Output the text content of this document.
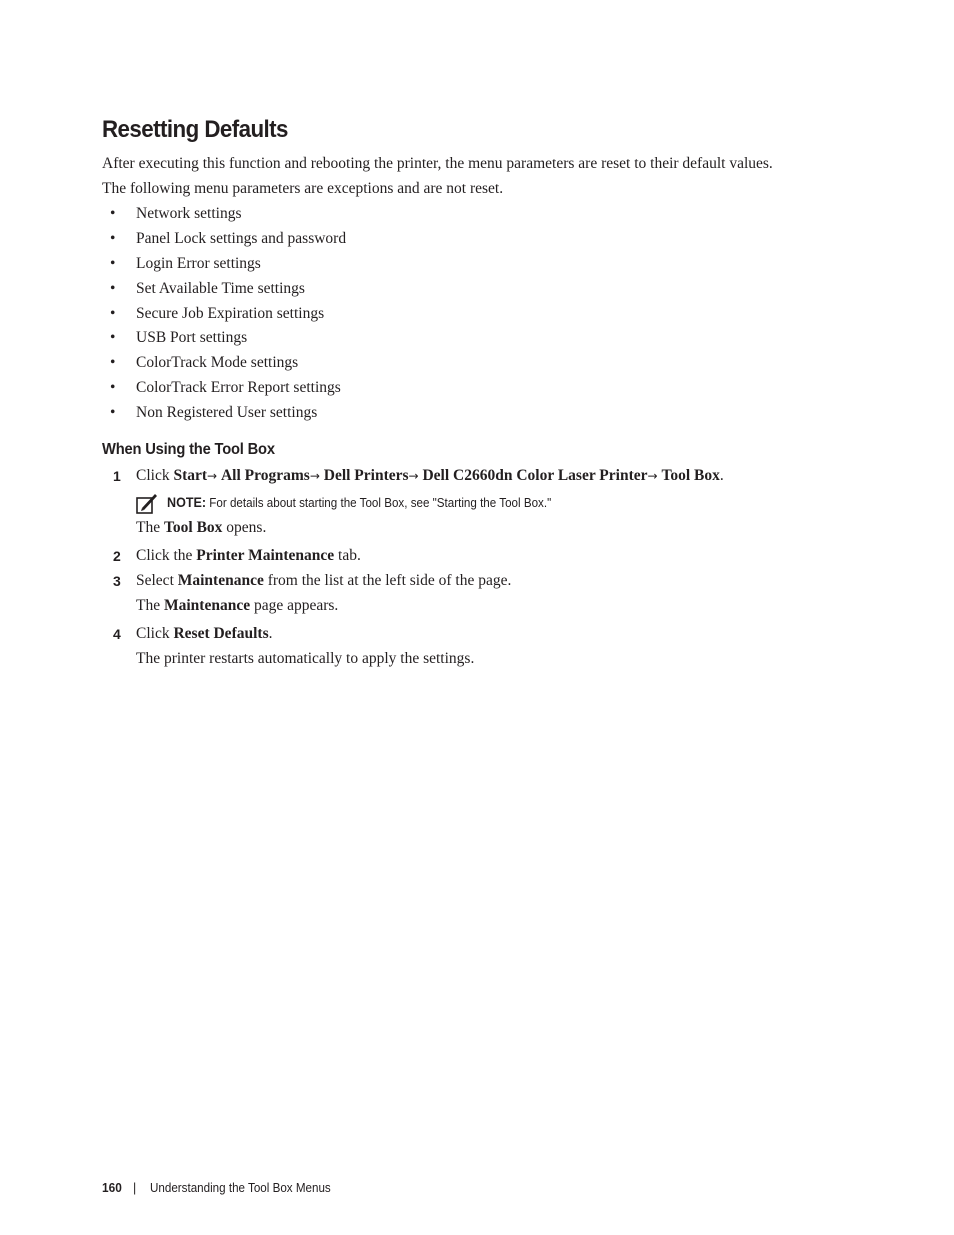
Resetting Defaults

After executing this function and rebooting the printer, the menu parameters are reset to their default values.

The following menu parameters are exceptions and are not reset.

• Network settings
• Panel Lock settings and password
• Login Error settings
• Set Available Time settings
• Secure Job Expiration settings
• USB Port settings
• ColorTrack Mode settings
• ColorTrack Error Report settings
• Non Registered User settings
When Using the Tool Box
1 Click Start→ All Programs→ Dell Printers→ Dell C2660dn Color Laser Printer→ Tool Box.

NOTE: For details about starting the Tool Box, see "Starting the Tool Box."

The Tool Box opens.

2 Click the Printer Maintenance tab.

3 Select Maintenance from the list at the left side of the page.

The Maintenance page appears.

4 Click Reset Defaults.

The printer restarts automatically to apply the settings.

160 | Understanding the Tool Box Menus
